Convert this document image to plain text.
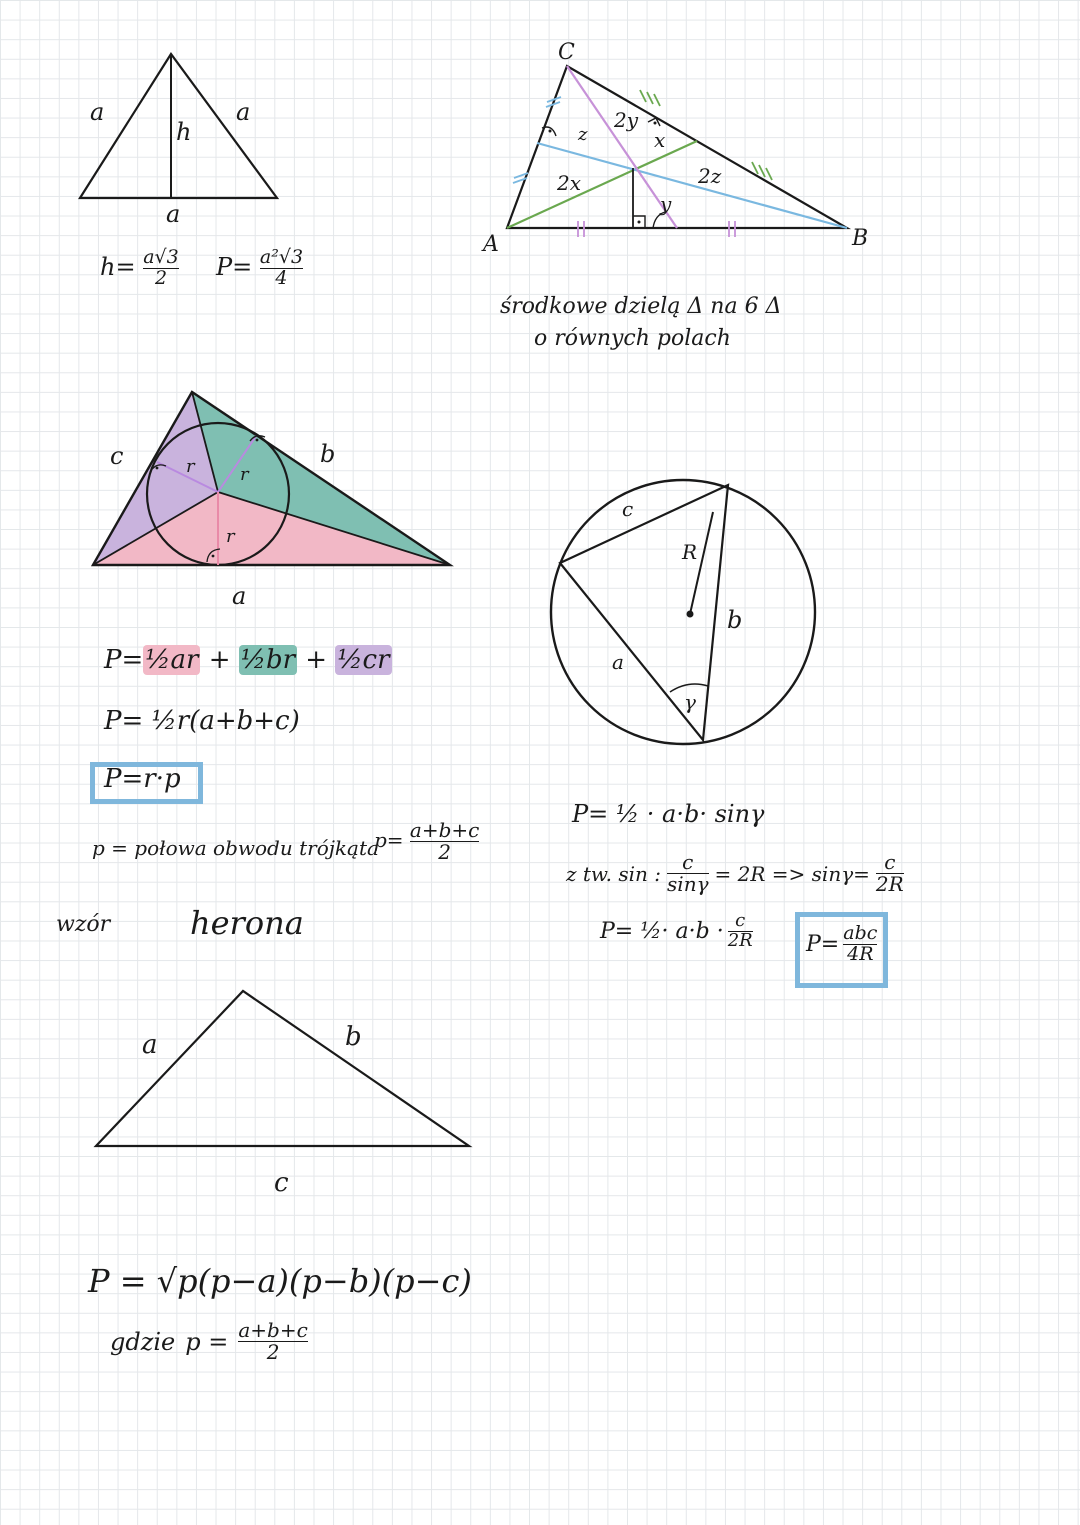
a	a
h
a
$h= \frac{a√3}{2} P= \frac{\text{a²√3}}{4}$
C
A	B
2x
2y
2z
x
y
z
środkowe dzielą Δ na 6 Δ
o równych polach
c	b
a
r	r
r
P=½ar + ½br + ½cr
P= ½r(a+b+c)
P=r·p
p = połowa obwodu trójkąta
$p= \frac{a+b+c}{2}$
c
R
b
a
γ
P= ½ · a·b· sinγ
z tw. sin : $\frac{c}{\sin\gamma} = 2R => \sin\gamma= \frac{c}{2R}$
P= ½· $a\cdot b \cdot \frac{c}{2R} P= \frac{\text{abc}}{4R}$
wzór herona
a	b
c
P = √p(p−a)(p−b)(p−c)
gdzie $p = \frac{a+b+c}{2}$
